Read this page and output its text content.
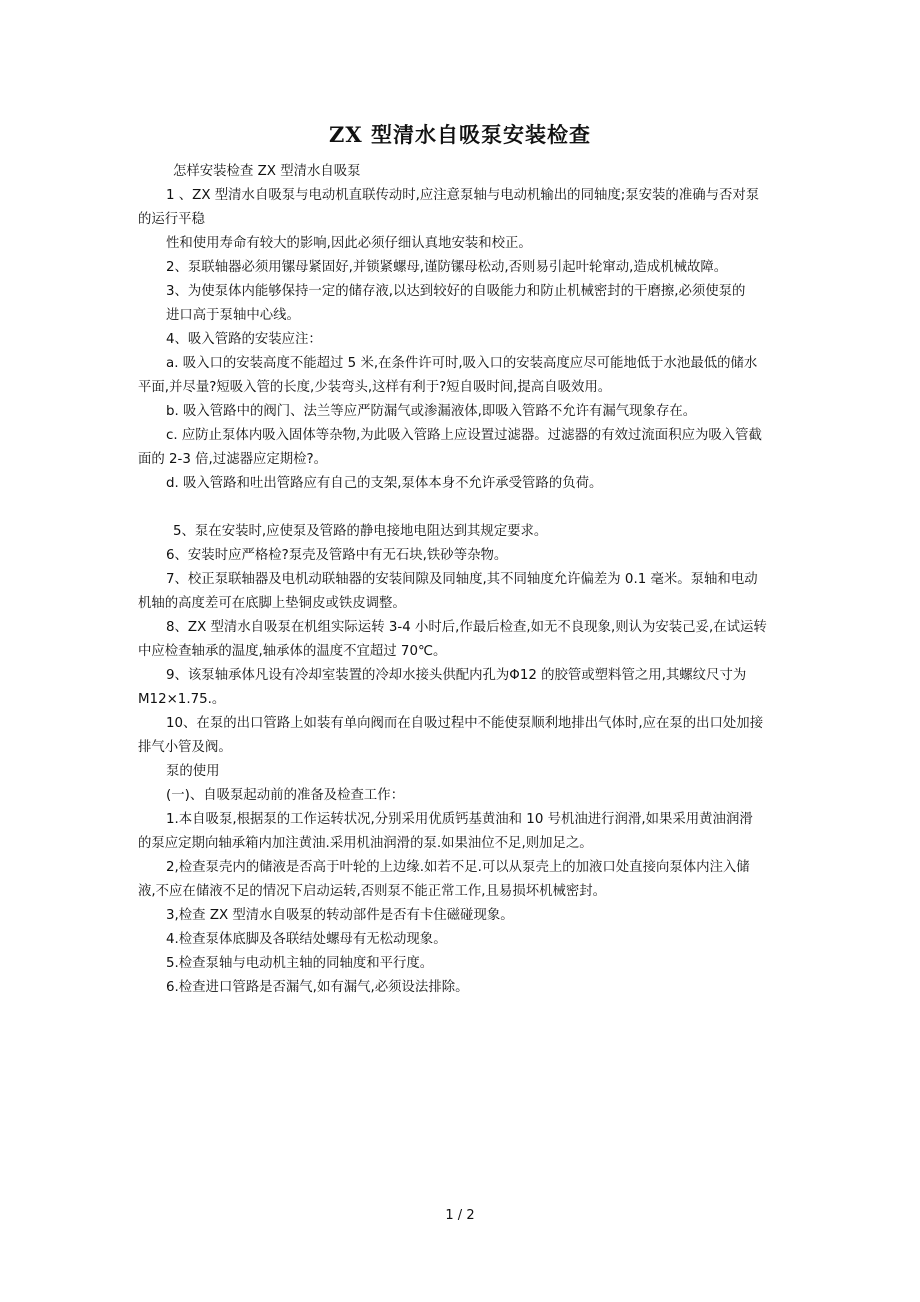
ZX 型清水自吸泵安装检查

怎样安装检查 ZX 型清水自吸泵

1 、ZX 型清水自吸泵与电动机直联传动时,应注意泵轴与电动机输出的同轴度;泵安装的准确与否对泵

的运行平稳

性和使用寿命有较大的影响,因此必须仔细认真地安装和校正。

2、泵联轴器必须用镙母紧固好,并锁紧螺母,谨防镙母松动,否则易引起叶轮窜动,造成机械故障。

3、为使泵体内能够保持一定的储存液,以达到较好的自吸能力和防止机械密封的干磨擦,必须使泵的

进口高于泵轴中心线。

4、吸入管路的安装应注：

a. 吸入口的安装高度不能超过 5 米,在条件许可时,吸入口的安装高度应尽可能地低于水池最低的储水

平面,并尽量?短吸入管的长度,少装弯头,这样有利于?短自吸时间,提高自吸效用。

b. 吸入管路中的阀门、法兰等应严防漏气或渗漏液体,即吸入管路不允许有漏气现象存在。

c. 应防止泵体内吸入固体等杂物,为此吸入管路上应设置过滤器。过滤器的有效过流面积应为吸入管截

面的 2-3 倍,过滤器应定期检?。

d. 吸入管路和吐出管路应有自己的支架,泵体本身不允许承受管路的负荷。

5、泵在安装时,应使泵及管路的静电接地电阻达到其规定要求。

6、安装时应严格检?泵壳及管路中有无石块,铁砂等杂物。

7、校正泵联轴器及电机动联轴器的安装间隙及同轴度,其不同轴度允许偏差为 0.1 毫米。泵轴和电动

机轴的高度差可在底脚上垫铜皮或铁皮调整。

8、ZX 型清水自吸泵在机组实际运转 3-4 小时后,作最后检查,如无不良现象,则认为安装己妥,在试运转

中应检查轴承的温度,轴承体的温度不宜超过 70℃。

9、该泵轴承体凡设有冷却室装置的冷却水接头供配内孔为Φ12 的胶管或塑料管之用,其螺纹尺寸为

M12×1.75.。

10、在泵的出口管路上如装有单向阀而在自吸过程中不能使泵顺利地排出气体时,应在泵的出口处加接

排气小管及阀。

泵的使用

(一)、自吸泵起动前的准备及检查工作：

1.本自吸泵,根据泵的工作运转状况,分别采用优质钙基黄油和 10 号机油进行润滑,如果采用黄油润滑

的泵应定期向轴承箱内加注黄油.采用机油润滑的泵.如果油位不足,则加足之。

2,检查泵壳内的储液是否高于叶轮的上边缘.如若不足.可以从泵壳上的加液口处直接向泵体内注入储

液,不应在储液不足的情况下启动运转,否则泵不能正常工作,且易损坏机械密封。

3,检查 ZX 型清水自吸泵的转动部件是否有卡住磁碰现象。

4.检查泵体底脚及各联结处螺母有无松动现象。

5.检查泵轴与电动机主轴的同轴度和平行度。

6.检查进口管路是否漏气,如有漏气,必须设法排除。

1 / 2
